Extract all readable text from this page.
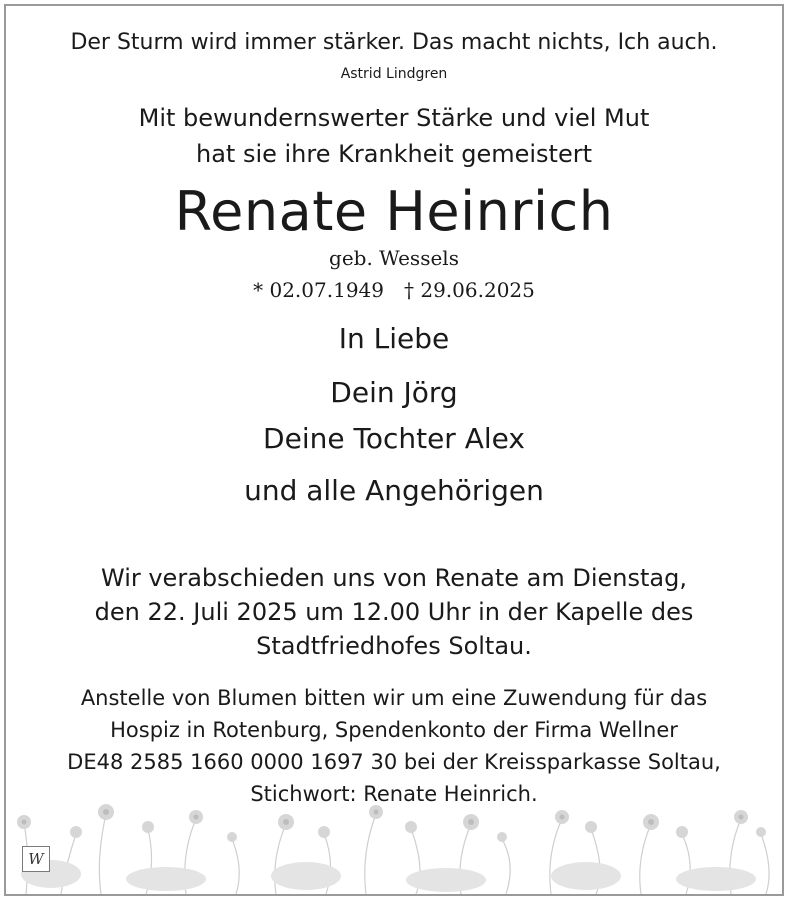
Der Sturm wird immer stärker. Das macht nichts, Ich auch.
Astrid Lindgren
Mit bewundernswerter Stärke und viel Mut
hat sie ihre Krankheit gemeistert
Renate Heinrich
geb. Wessels
* 02.07.1949 † 29.06.2025
In Liebe
Dein Jörg
Deine Tochter Alex
und alle Angehörigen
Wir verabschieden uns von Renate am Dienstag,
den 22. Juli 2025 um 12.00 Uhr in der Kapelle des
Stadtfriedhofes Soltau.
Anstelle von Blumen bitten wir um eine Zuwendung für das
Hospiz in Rotenburg, Spendenkonto der Firma Wellner
DE48 2585 1660 0000 1697 30 bei der Kreissparkasse Soltau,
Stichwort: Renate Heinrich.
W
